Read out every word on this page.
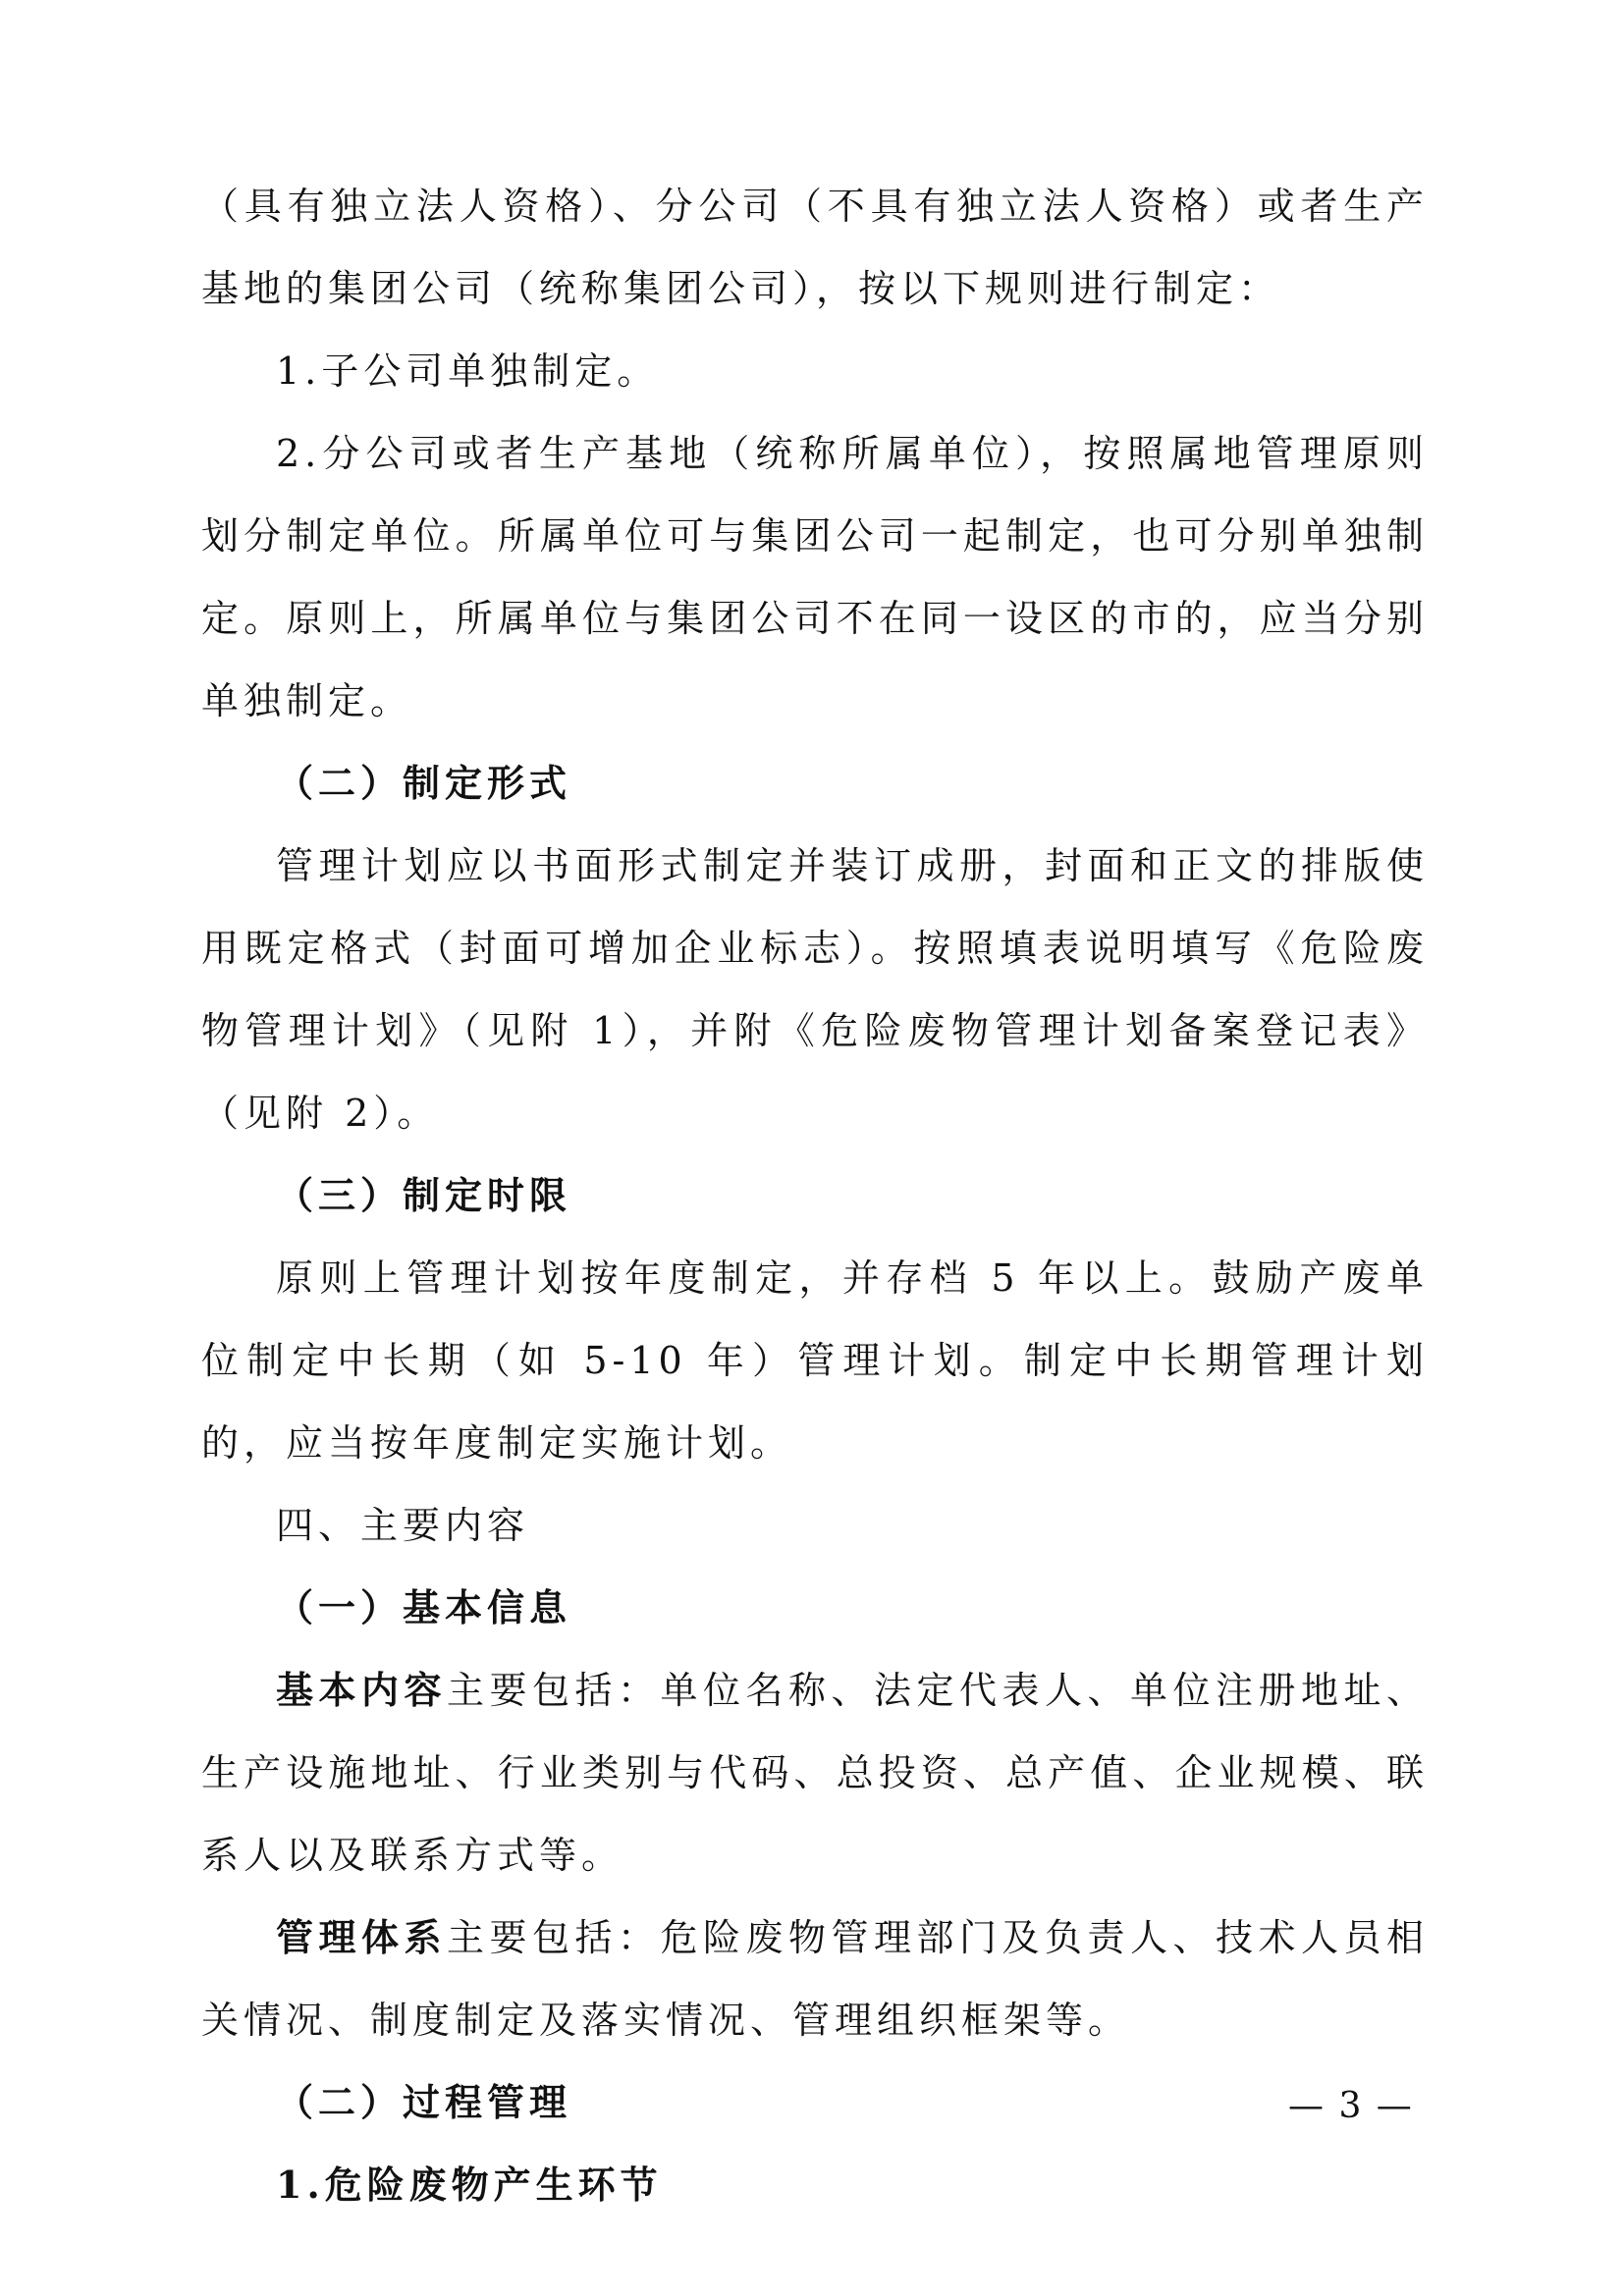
（具有独立法人资格）、分公司（不具有独立法人资格）或者生产基地的集团公司（统称集团公司），按以下规则进行制定：

1.子公司单独制定。

2.分公司或者生产基地（统称所属单位），按照属地管理原则划分制定单位。所属单位可与集团公司一起制定，也可分别单独制定。原则上，所属单位与集团公司不在同一设区的市的，应当分别单独制定。

（二）制定形式

管理计划应以书面形式制定并装订成册，封面和正文的排版使用既定格式（封面可增加企业标志）。按照填表说明填写《危险废物管理计划》（见附 1），并附《危险废物管理计划备案登记表》（见附 2）。

（三）制定时限

原则上管理计划按年度制定，并存档 5 年以上。鼓励产废单位制定中长期（如 5-10 年）管理计划。制定中长期管理计划的，应当按年度制定实施计划。

四、主要内容

（一）基本信息

基本内容主要包括：单位名称、法定代表人、单位注册地址、生产设施地址、行业类别与代码、总投资、总产值、企业规模、联系人以及联系方式等。

管理体系主要包括：危险废物管理部门及负责人、技术人员相关情况、制度制定及落实情况、管理组织框架等。

（二）过程管理

1.危险废物产生环节

— 3 —
